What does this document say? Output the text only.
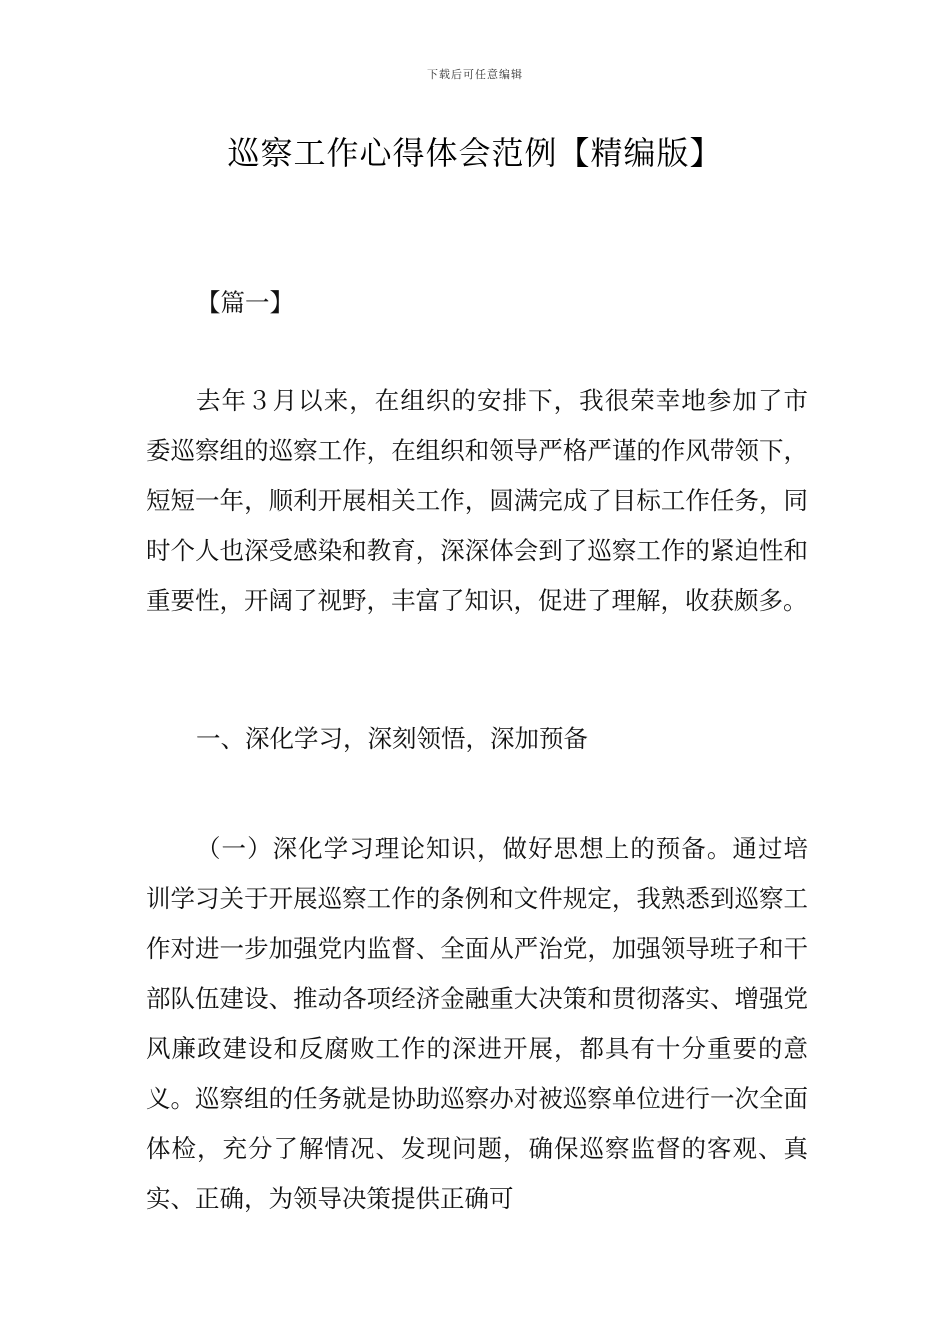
下载后可任意编辑
巡察工作心得体会范例【精编版】
【篇一】
去年３月以来，在组织的安排下，我很荣幸地参加了市委巡察组的巡察工作，在组织和领导严格严谨的作风带领下，短短一年，顺利开展相关工作，圆满完成了目标工作任务，同时个人也深受感染和教育，深深体会到了巡察工作的紧迫性和重要性，开阔了视野，丰富了知识，促进了理解，收获颇多。
一、深化学习，深刻领悟，深加预备
（一）深化学习理论知识，做好思想上的预备。通过培训学习关于开展巡察工作的条例和文件规定，我熟悉到巡察工作对进一步加强党内监督、全面从严治党，加强领导班子和干部队伍建设、推动各项经济金融重大决策和贯彻落实、增强党风廉政建设和反腐败工作的深进开展，都具有十分重要的意义。巡察组的任务就是协助巡察办对被巡察单位进行一次全面体检，充分了解情况、发现问题，确保巡察监督的客观、真实、正确，为领导决策提供正确可
